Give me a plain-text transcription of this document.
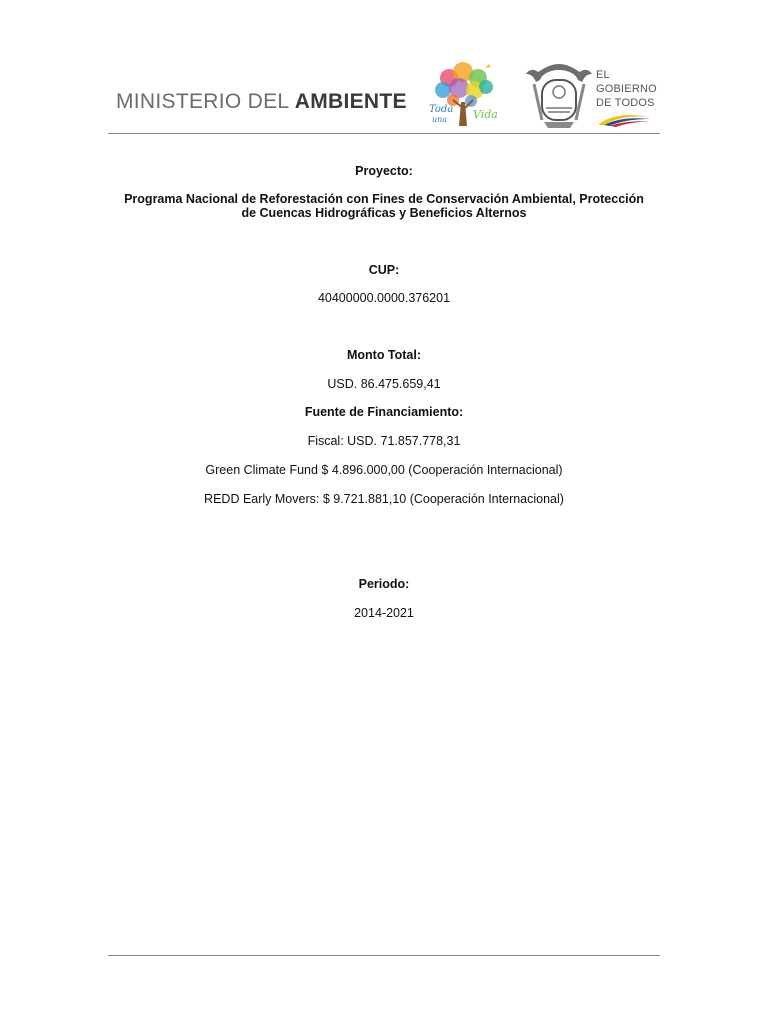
MINISTERIO DEL AMBIENTE Toda
una Vida
EL
GOBIERNO
DE TODOS
Proyecto:
Programa Nacional de Reforestación con Fines de Conservación Ambiental, Protección
de Cuencas Hidrográficas y Beneficios Alternos
CUP:
40400000.0000.376201
Monto Total:
USD. 86.475.659,41
Fuente de Financiamiento:
Fiscal: USD. 71.857.778,31
Green Climate Fund $ 4.896.000,00 (Cooperación Internacional)
REDD Early Movers: $ 9.721.881,10 (Cooperación Internacional)
Periodo:
2014-2021
